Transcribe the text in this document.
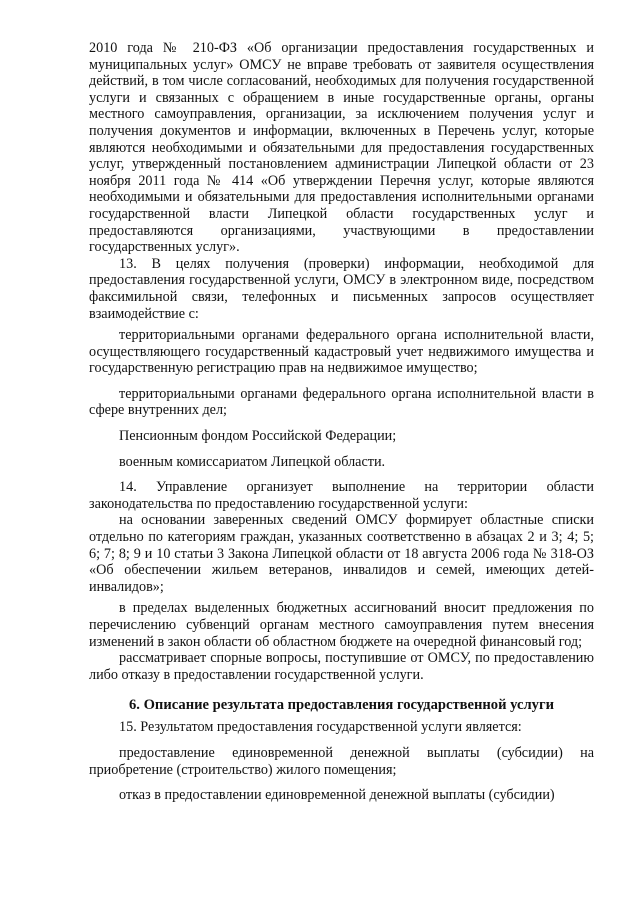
2010 года № 210-ФЗ «Об организации предоставления государственных и муниципальных услуг» ОМСУ не вправе требовать от заявителя осуществления действий, в том числе согласований, необходимых для получения государственной услуги и связанных с обращением в иные государственные органы, органы местного самоуправления, организации, за исключением получения услуг и получения документов и информации, включенных в Перечень услуг, которые являются необходимыми и обязательными для предоставления государственных услуг, утвержденный постановлением администрации Липецкой области от 23 ноября 2011 года № 414 «Об утверждении Перечня услуг, которые являются необходимыми и обязательными для предоставления исполнительными органами государственной власти Липецкой области государственных услуг и предоставляются организациями, участвующими в предоставлении государственных услуг».

13. В целях получения (проверки) информации, необходимой для предоставления государственной услуги, ОМСУ в электронном виде, посредством факсимильной связи, телефонных и письменных запросов осуществляет взаимодействие с:

территориальными органами федерального органа исполнительной власти, осуществляющего государственный кадастровый учет недвижимого имущества и государственную регистрацию прав на недвижимое имущество;

территориальными органами федерального органа исполнительной власти в сфере внутренних дел;

Пенсионным фондом Российской Федерации;

военным комиссариатом Липецкой области.

14. Управление организует выполнение на территории области законодательства по предоставлению государственной услуги:

на основании заверенных сведений ОМСУ формирует областные списки отдельно по категориям граждан, указанных соответственно в абзацах 2 и 3; 4; 5; 6; 7; 8; 9 и 10 статьи 3 Закона Липецкой области от 18 августа 2006 года № 318-ОЗ «Об обеспечении жильем ветеранов, инвалидов и семей, имеющих детей-инвалидов»;

в пределах выделенных бюджетных ассигнований вносит предложения по перечислению субвенций органам местного самоуправления путем внесения изменений в закон области об областном бюджете на очередной финансовый год;

рассматривает спорные вопросы, поступившие от ОМСУ, по предоставлению либо отказу в предоставлении государственной услуги.

6. Описание результата предоставления государственной услуги

15. Результатом предоставления государственной услуги является:

предоставление единовременной денежной выплаты (субсидии) на приобретение (строительство) жилого помещения;

отказ в предоставлении единовременной денежной выплаты (субсидии)
